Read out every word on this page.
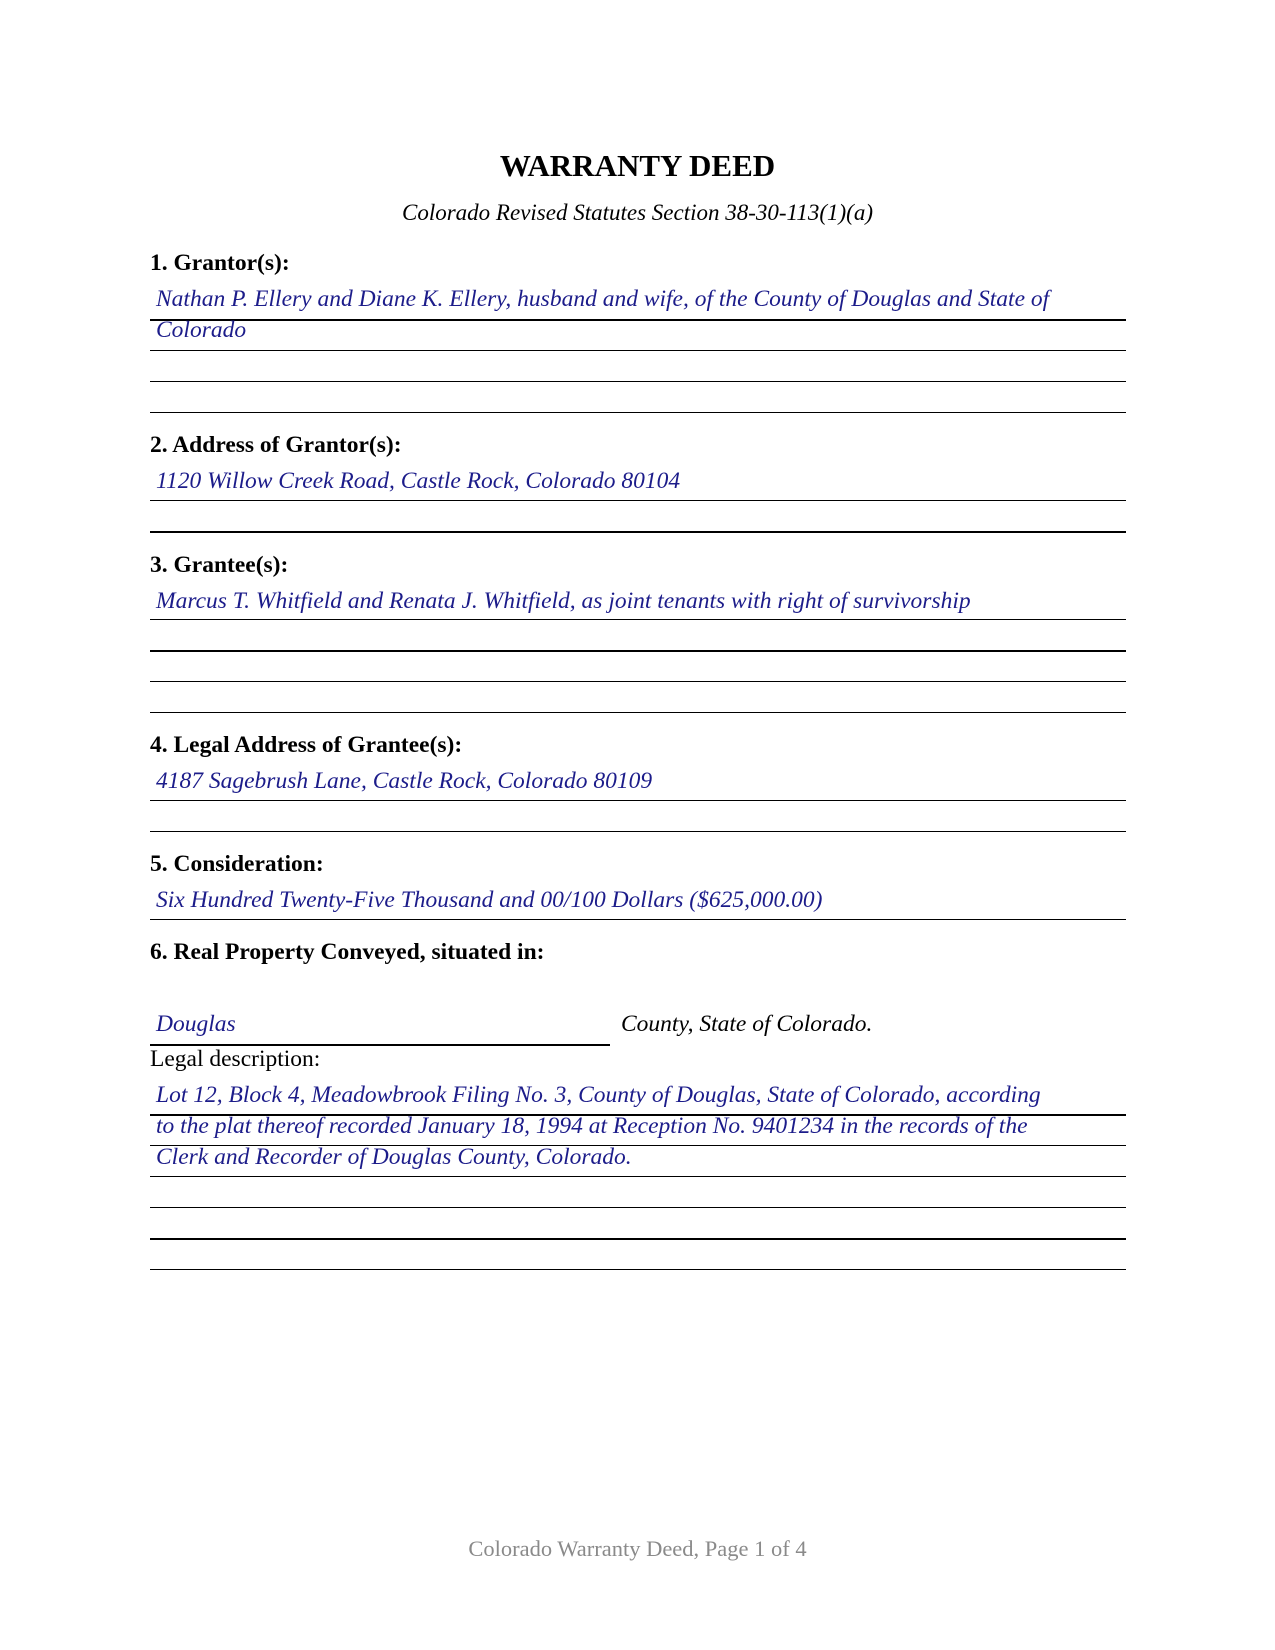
WARRANTY DEED
Colorado Revised Statutes Section 38-30-113(1)(a)
1. Grantor(s):
Nathan P. Ellery and Diane K. Ellery, husband and wife, of the County of Douglas and State of
Colorado
2. Address of Grantor(s):
1120 Willow Creek Road, Castle Rock, Colorado 80104
3. Grantee(s):
Marcus T. Whitfield and Renata J. Whitfield, as joint tenants with right of survivorship
4. Legal Address of Grantee(s):
4187 Sagebrush Lane, Castle Rock, Colorado 80109
5. Consideration:
Six Hundred Twenty-Five Thousand and 00/100 Dollars ($625,000.00)
6. Real Property Conveyed, situated in:
Douglas	County, State of Colorado.
Legal description:
Lot 12, Block 4, Meadowbrook Filing No. 3, County of Douglas, State of Colorado, according
to the plat thereof recorded January 18, 1994 at Reception No. 9401234 in the records of the
Clerk and Recorder of Douglas County, Colorado.
Colorado Warranty Deed, Page 1 of 4
